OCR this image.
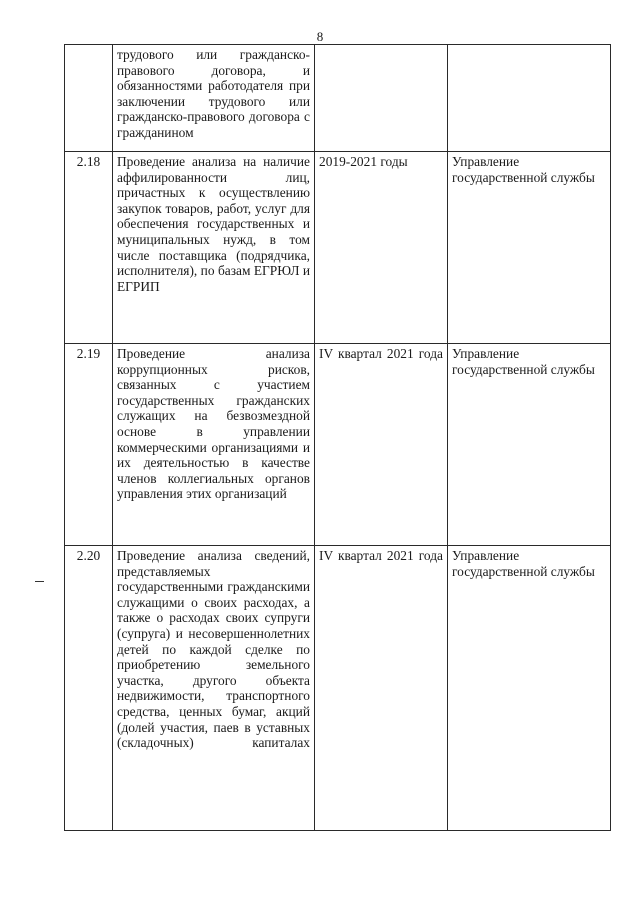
8
	трудового или гражданско-правового договора, и обязанностями работодателя при заключении трудового или гражданско-правового договора с гражданином		
2.18	Проведение анализа на наличие аффилированности лиц, причастных к осуществлению закупок товаров, работ, услуг для обеспечения государственных и муниципальных нужд, в том числе поставщика (подрядчика, исполнителя), по базам ЕГРЮЛ и ЕГРИП	2019-2021 годы	Управление государственной службы
2.19	Проведение анализа коррупционных рисков, связанных с участием государственных гражданских служащих на безвозмездной основе в управлении коммерческими организациями и их деятельностью в качестве членов коллегиальных органов управления этих организаций	IV квартал 2021 года	Управление государственной службы
2.20	Проведение анализа сведений, представляемых государственными гражданскими служащими о своих расходах, а также о расходах своих супруги (супруга) и несовершеннолетних детей по каждой сделке по приобретению земельного участка, другого объекта недвижимости, транспортного средства, ценных бумаг, акций (долей участия, паев в уставных (складочных) капиталах	IV квартал 2021 года	Управление государственной службы
